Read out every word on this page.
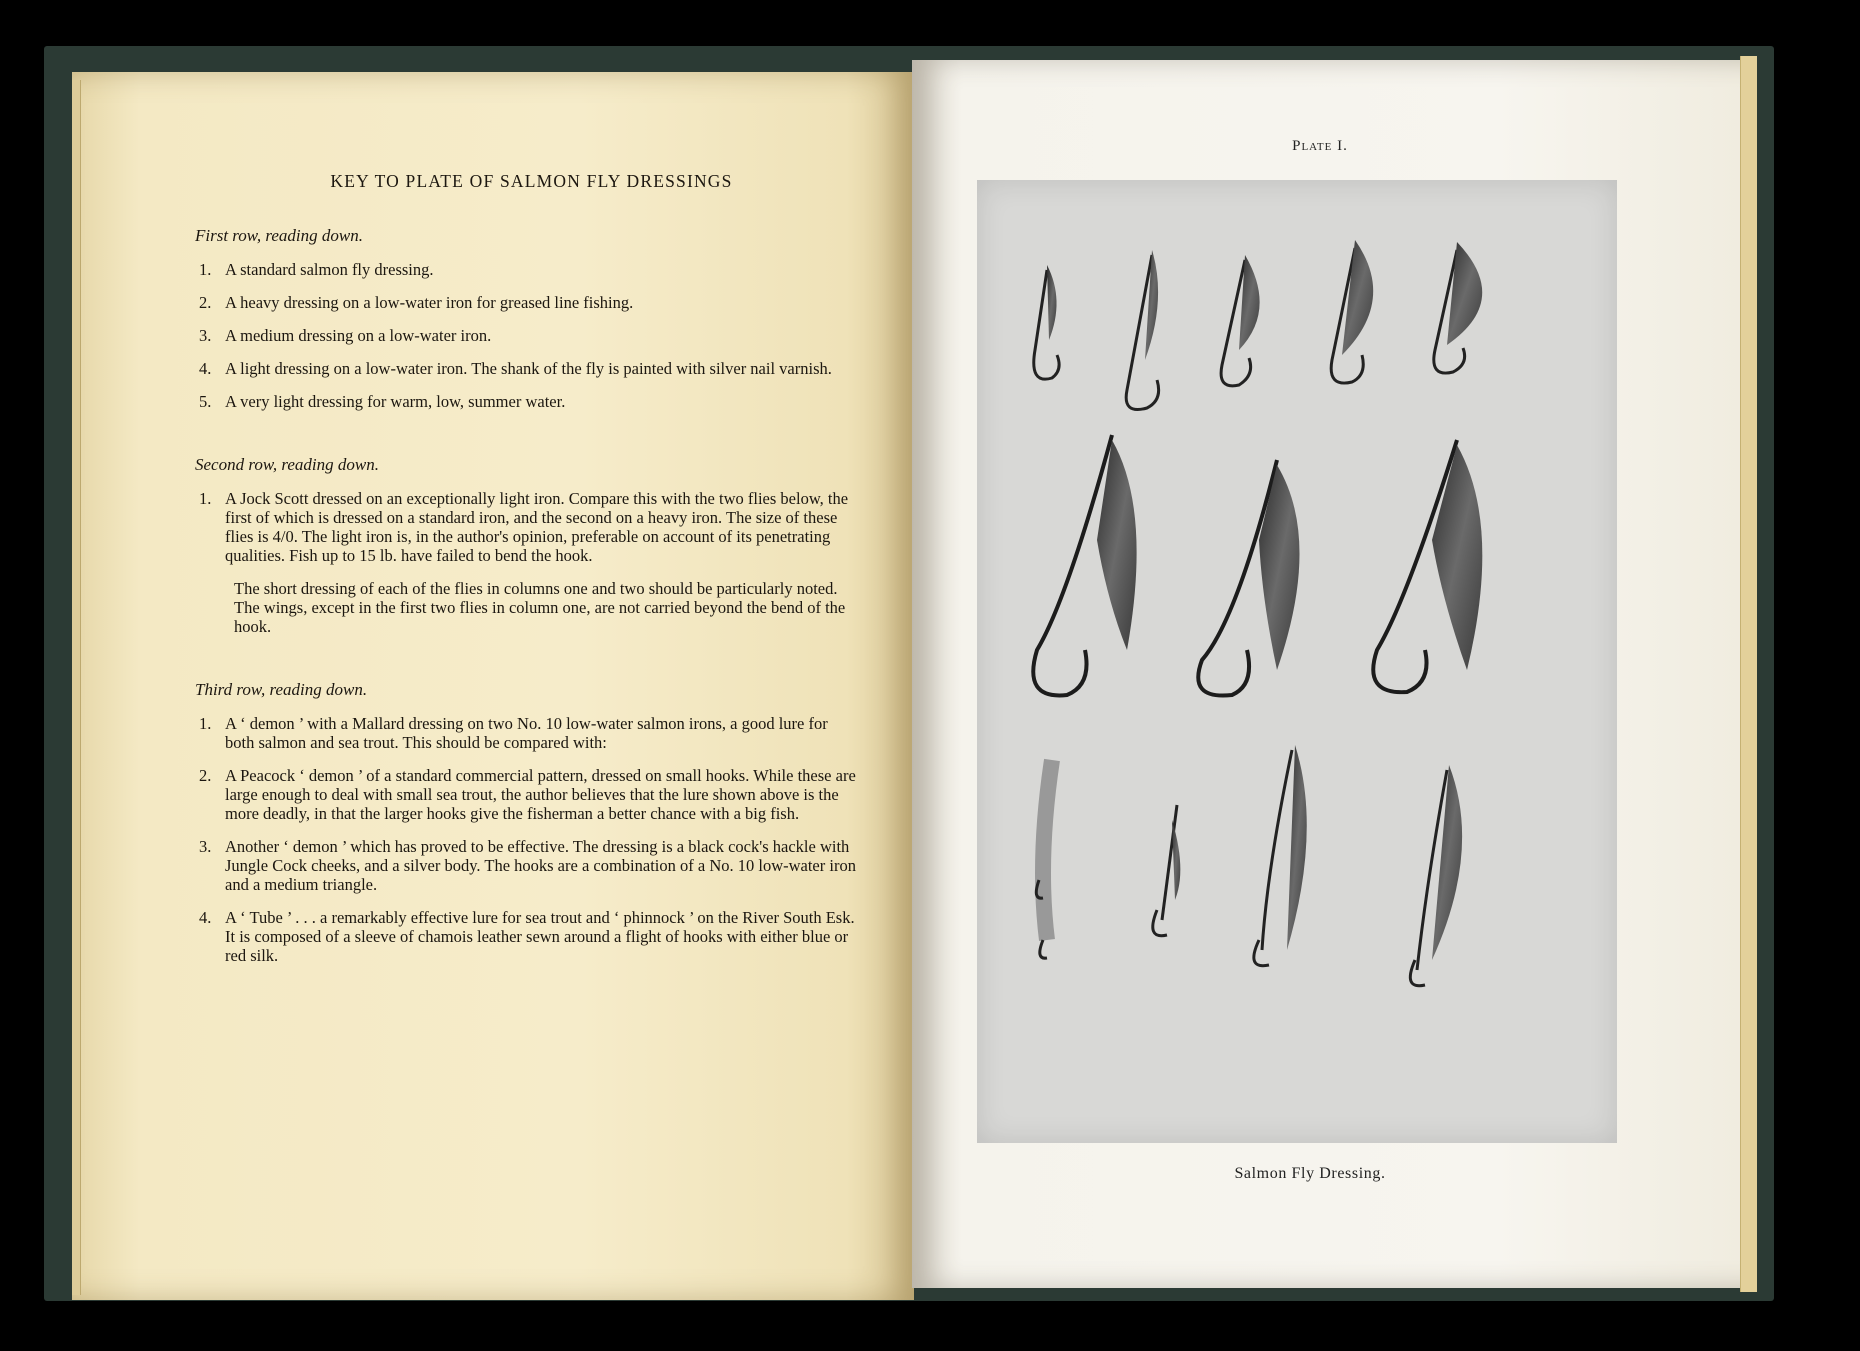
KEY TO PLATE OF SALMON FLY DRESSINGS
First row, reading down.
1. A standard salmon fly dressing.
2. A heavy dressing on a low-water iron for greased line fishing.
3. A medium dressing on a low-water iron.
4. A light dressing on a low-water iron. The shank of the fly is painted with silver nail varnish.
5. A very light dressing for warm, low, summer water.
Second row, reading down.
1. A Jock Scott dressed on an exceptionally light iron. Compare this with the two flies below, the first of which is dressed on a standard iron, and the second on a heavy iron. The size of these flies is 4/0. The light iron is, in the author's opinion, preferable on account of its penetrating qualities. Fish up to 15 lb. have failed to bend the hook.

The short dressing of each of the flies in columns one and two should be particularly noted. The wings, except in the first two flies in column one, are not carried beyond the bend of the hook.

Third row, reading down.
1. A ‘ demon ’ with a Mallard dressing on two No. 10 low-water salmon irons, a good lure for both salmon and sea trout. This should be compared with:
2. A Peacock ‘ demon ’ of a standard commercial pattern, dressed on small hooks. While these are large enough to deal with small sea trout, the author believes that the lure shown above is the more deadly, in that the larger hooks give the fisherman a better chance with a big fish.
3. Another ‘ demon ’ which has proved to be effective. The dressing is a black cock's hackle with Jungle Cock cheeks, and a silver body. The hooks are a combination of a No. 10 low-water iron and a medium triangle.
4. A ‘ Tube ’ . . . a remarkably effective lure for sea trout and ‘ phinnock ’ on the River South Esk. It is composed of a sleeve of chamois leather sewn around a flight of hooks with either blue or red silk.
Plate I.
Salmon Fly Dressing.
